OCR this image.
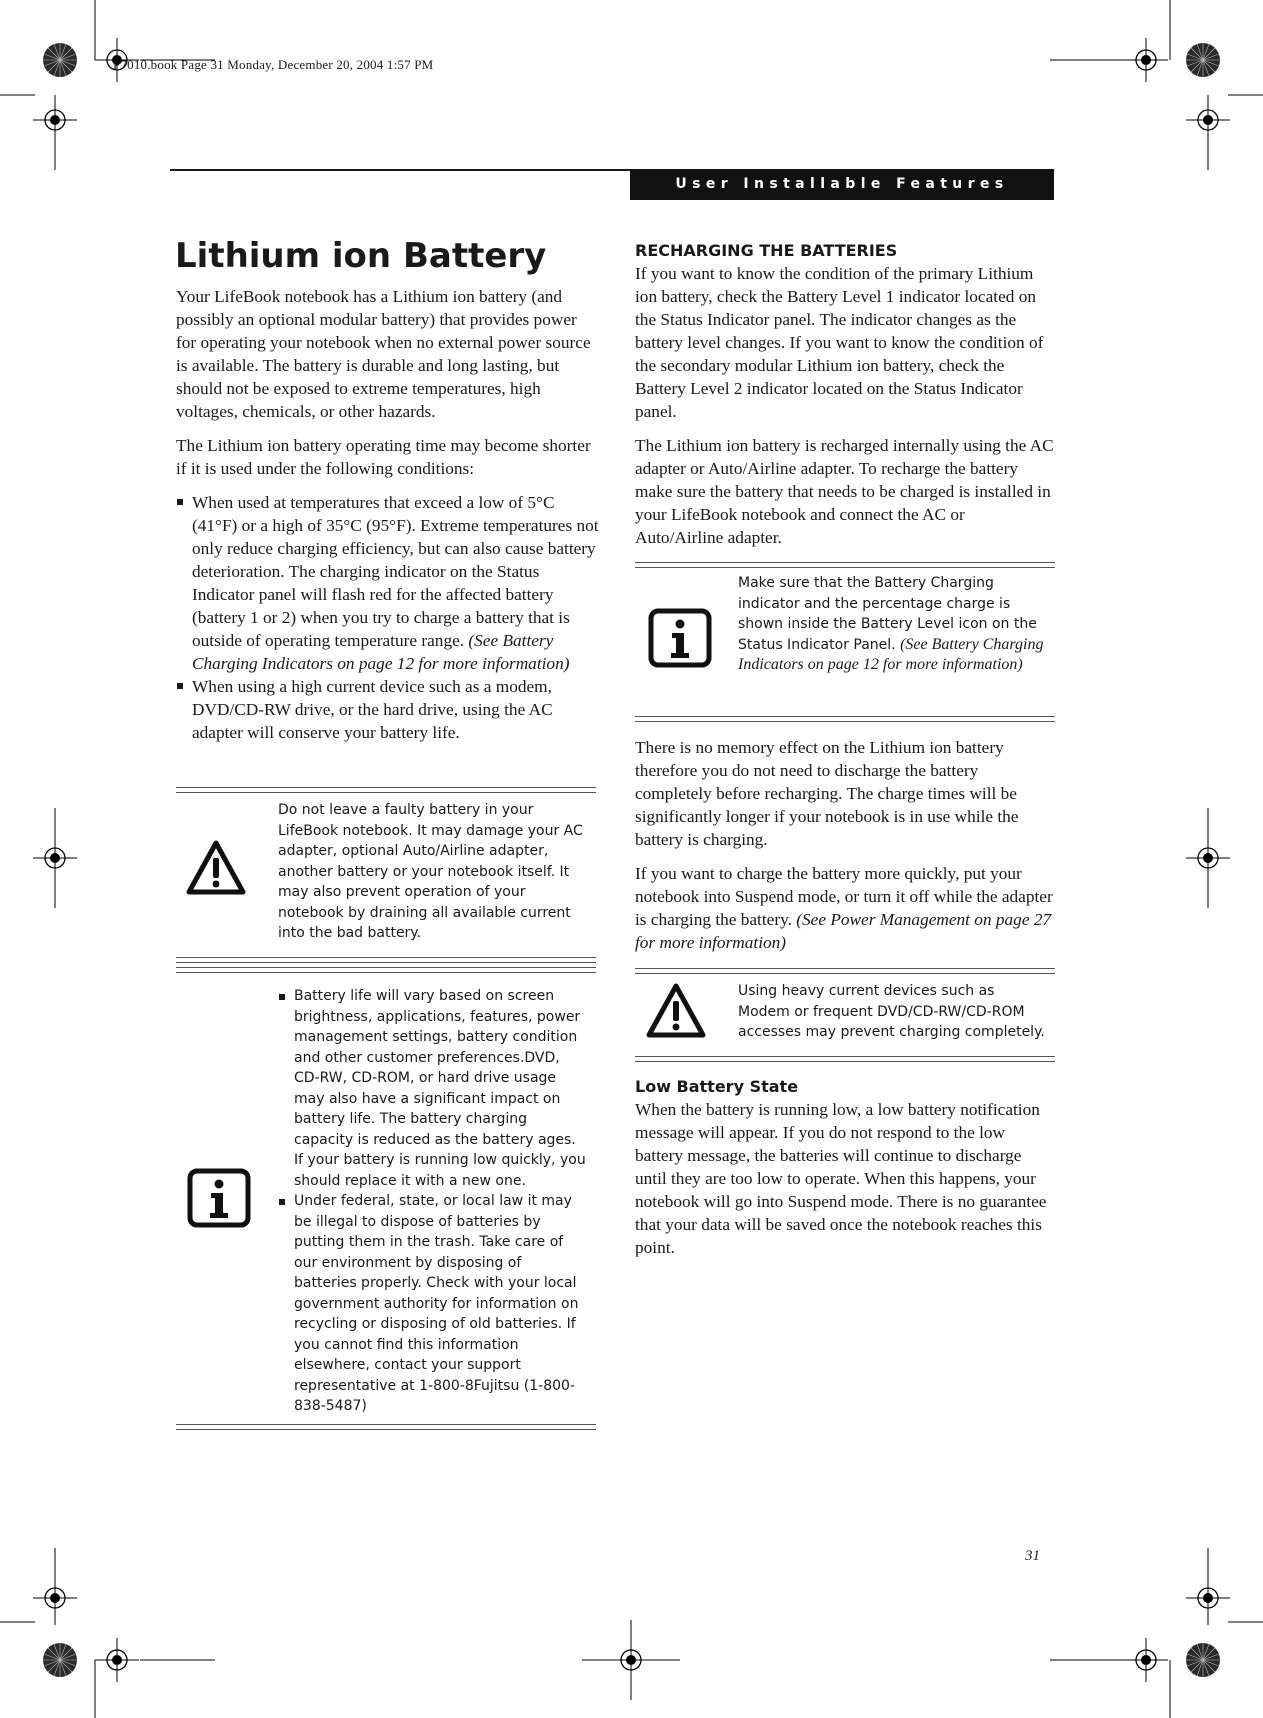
P7010.book Page 31 Monday, December 20, 2004 1:57 PM
User Installable Features
Lithium ion Battery

Your LifeBook notebook has a Lithium ion battery (and possibly an optional modular battery) that provides power for operating your notebook when no external power source is available. The battery is durable and long lasting, but should not be exposed to extreme temperatures, high voltages, chemicals, or other hazards.

The Lithium ion battery operating time may become shorter if it is used under the following conditions:

When used at temperatures that exceed a low of 5°C (41°F) or a high of 35°C (95°F). Extreme temperatures not only reduce charging efficiency, but can also cause battery deterioration. The charging indicator on the Status Indicator panel will flash red for the affected battery (battery 1 or 2) when you try to charge a battery that is outside of operating temperature range. (See Battery Charging Indicators on page 12 for more information)
When using a high current device such as a modem, DVD/CD-RW drive, or the hard drive, using the AC adapter will conserve your battery life.
Do not leave a faulty battery in your LifeBook notebook. It may damage your AC adapter, optional Auto/Airline adapter, another battery or your notebook itself. It may also prevent operation of your notebook by draining all available current into the bad battery.
Battery life will vary based on screen brightness, applications, features, power management settings, battery condition and other customer preferences.DVD, CD-RW, CD-ROM, or hard drive usage may also have a significant impact on battery life. The battery charging capacity is reduced as the battery ages. If your battery is running low quickly, you should replace it with a new one.
Under federal, state, or local law it may be illegal to dispose of batteries by putting them in the trash. Take care of our environment by disposing of batteries properly. Check with your local government authority for information on recycling or disposing of old batteries. If you cannot find this information elsewhere, contact your support representative at 1-800-8Fujitsu (1-800-838-5487)
RECHARGING THE BATTERIES

If you want to know the condition of the primary Lithium ion battery, check the Battery Level 1 indicator located on the Status Indicator panel. The indicator changes as the battery level changes. If you want to know the condition of the secondary modular Lithium ion battery, check the Battery Level 2 indicator located on the Status Indicator panel.

The Lithium ion battery is recharged internally using the AC adapter or Auto/Airline adapter. To recharge the battery make sure the battery that needs to be charged is installed in your LifeBook notebook and connect the AC or Auto/Airline adapter.

Make sure that the Battery Charging indicator and the percentage charge is shown inside the Battery Level icon on the Status Indicator Panel. (See Battery Charging Indicators on page 12 for more information)

There is no memory effect on the Lithium ion battery therefore you do not need to discharge the battery completely before recharging. The charge times will be significantly longer if your notebook is in use while the battery is charging.

If you want to charge the battery more quickly, put your notebook into Suspend mode, or turn it off while the adapter is charging the battery. (See Power Management on page 27 for more information)

Using heavy current devices such as Modem or frequent DVD/CD-RW/CD-ROM accesses may prevent charging completely.
Low Battery State

When the battery is running low, a low battery notification message will appear. If you do not respond to the low battery message, the batteries will continue to discharge until they are too low to operate. When this happens, your notebook will go into Suspend mode. There is no guarantee that your data will be saved once the notebook reaches this point.

31
